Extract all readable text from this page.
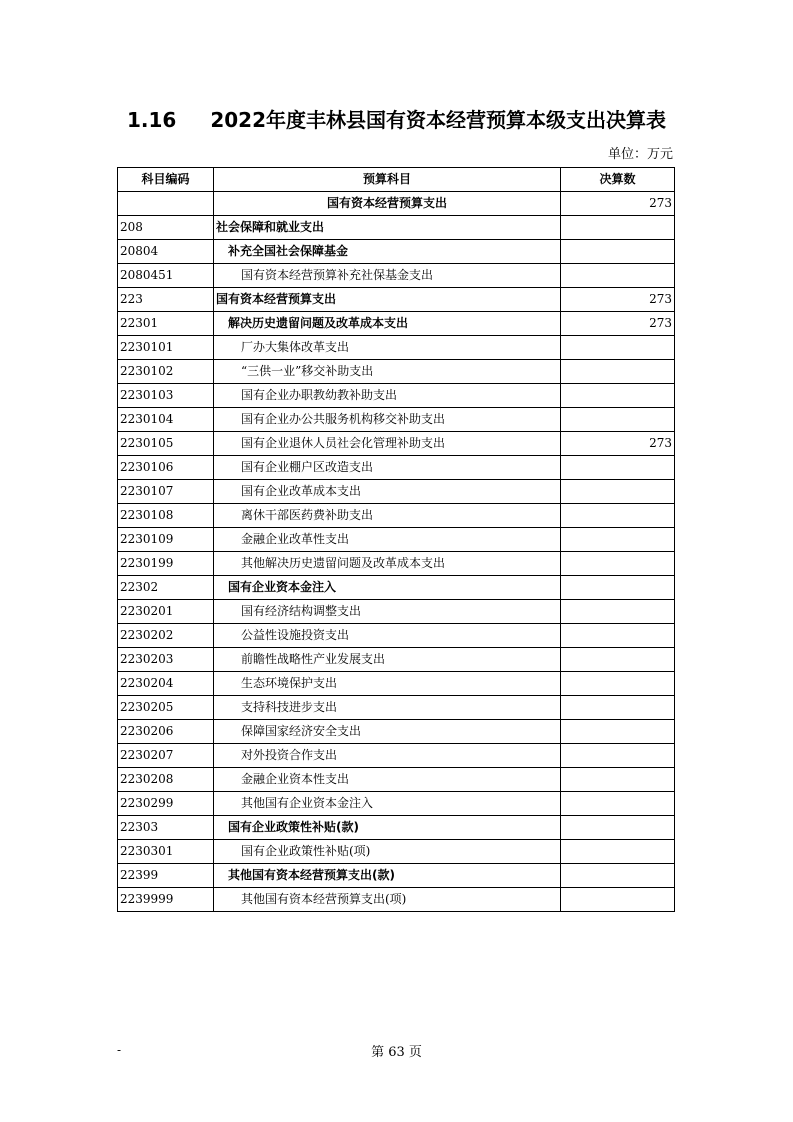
1.16 2022年度丰林县国有资本经营预算本级支出决算表
单位：万元
科目编码	预算科目	决算数
	国有资本经营预算支出	273
208	社会保障和就业支出	
20804	补充全国社会保障基金	
2080451	国有资本经营预算补充社保基金支出	
223	国有资本经营预算支出	273
22301	解决历史遗留问题及改革成本支出	273
2230101	厂办大集体改革支出	
2230102	“三供一业”移交补助支出	
2230103	国有企业办职教幼教补助支出	
2230104	国有企业办公共服务机构移交补助支出	
2230105	国有企业退休人员社会化管理补助支出	273
2230106	国有企业棚户区改造支出	
2230107	国有企业改革成本支出	
2230108	离休干部医药费补助支出	
2230109	金融企业改革性支出	
2230199	其他解决历史遗留问题及改革成本支出	
22302	国有企业资本金注入	
2230201	国有经济结构调整支出	
2230202	公益性设施投资支出	
2230203	前瞻性战略性产业发展支出	
2230204	生态环境保护支出	
2230205	支持科技进步支出	
2230206	保障国家经济安全支出	
2230207	对外投资合作支出	
2230208	金融企业资本性支出	
2230299	其他国有企业资本金注入	
22303	国有企业政策性补贴(款)	
2230301	国有企业政策性补贴(项)	
22399	其他国有资本经营预算支出(款)	
2239999	其他国有资本经营预算支出(项)	
-	第 63 页
